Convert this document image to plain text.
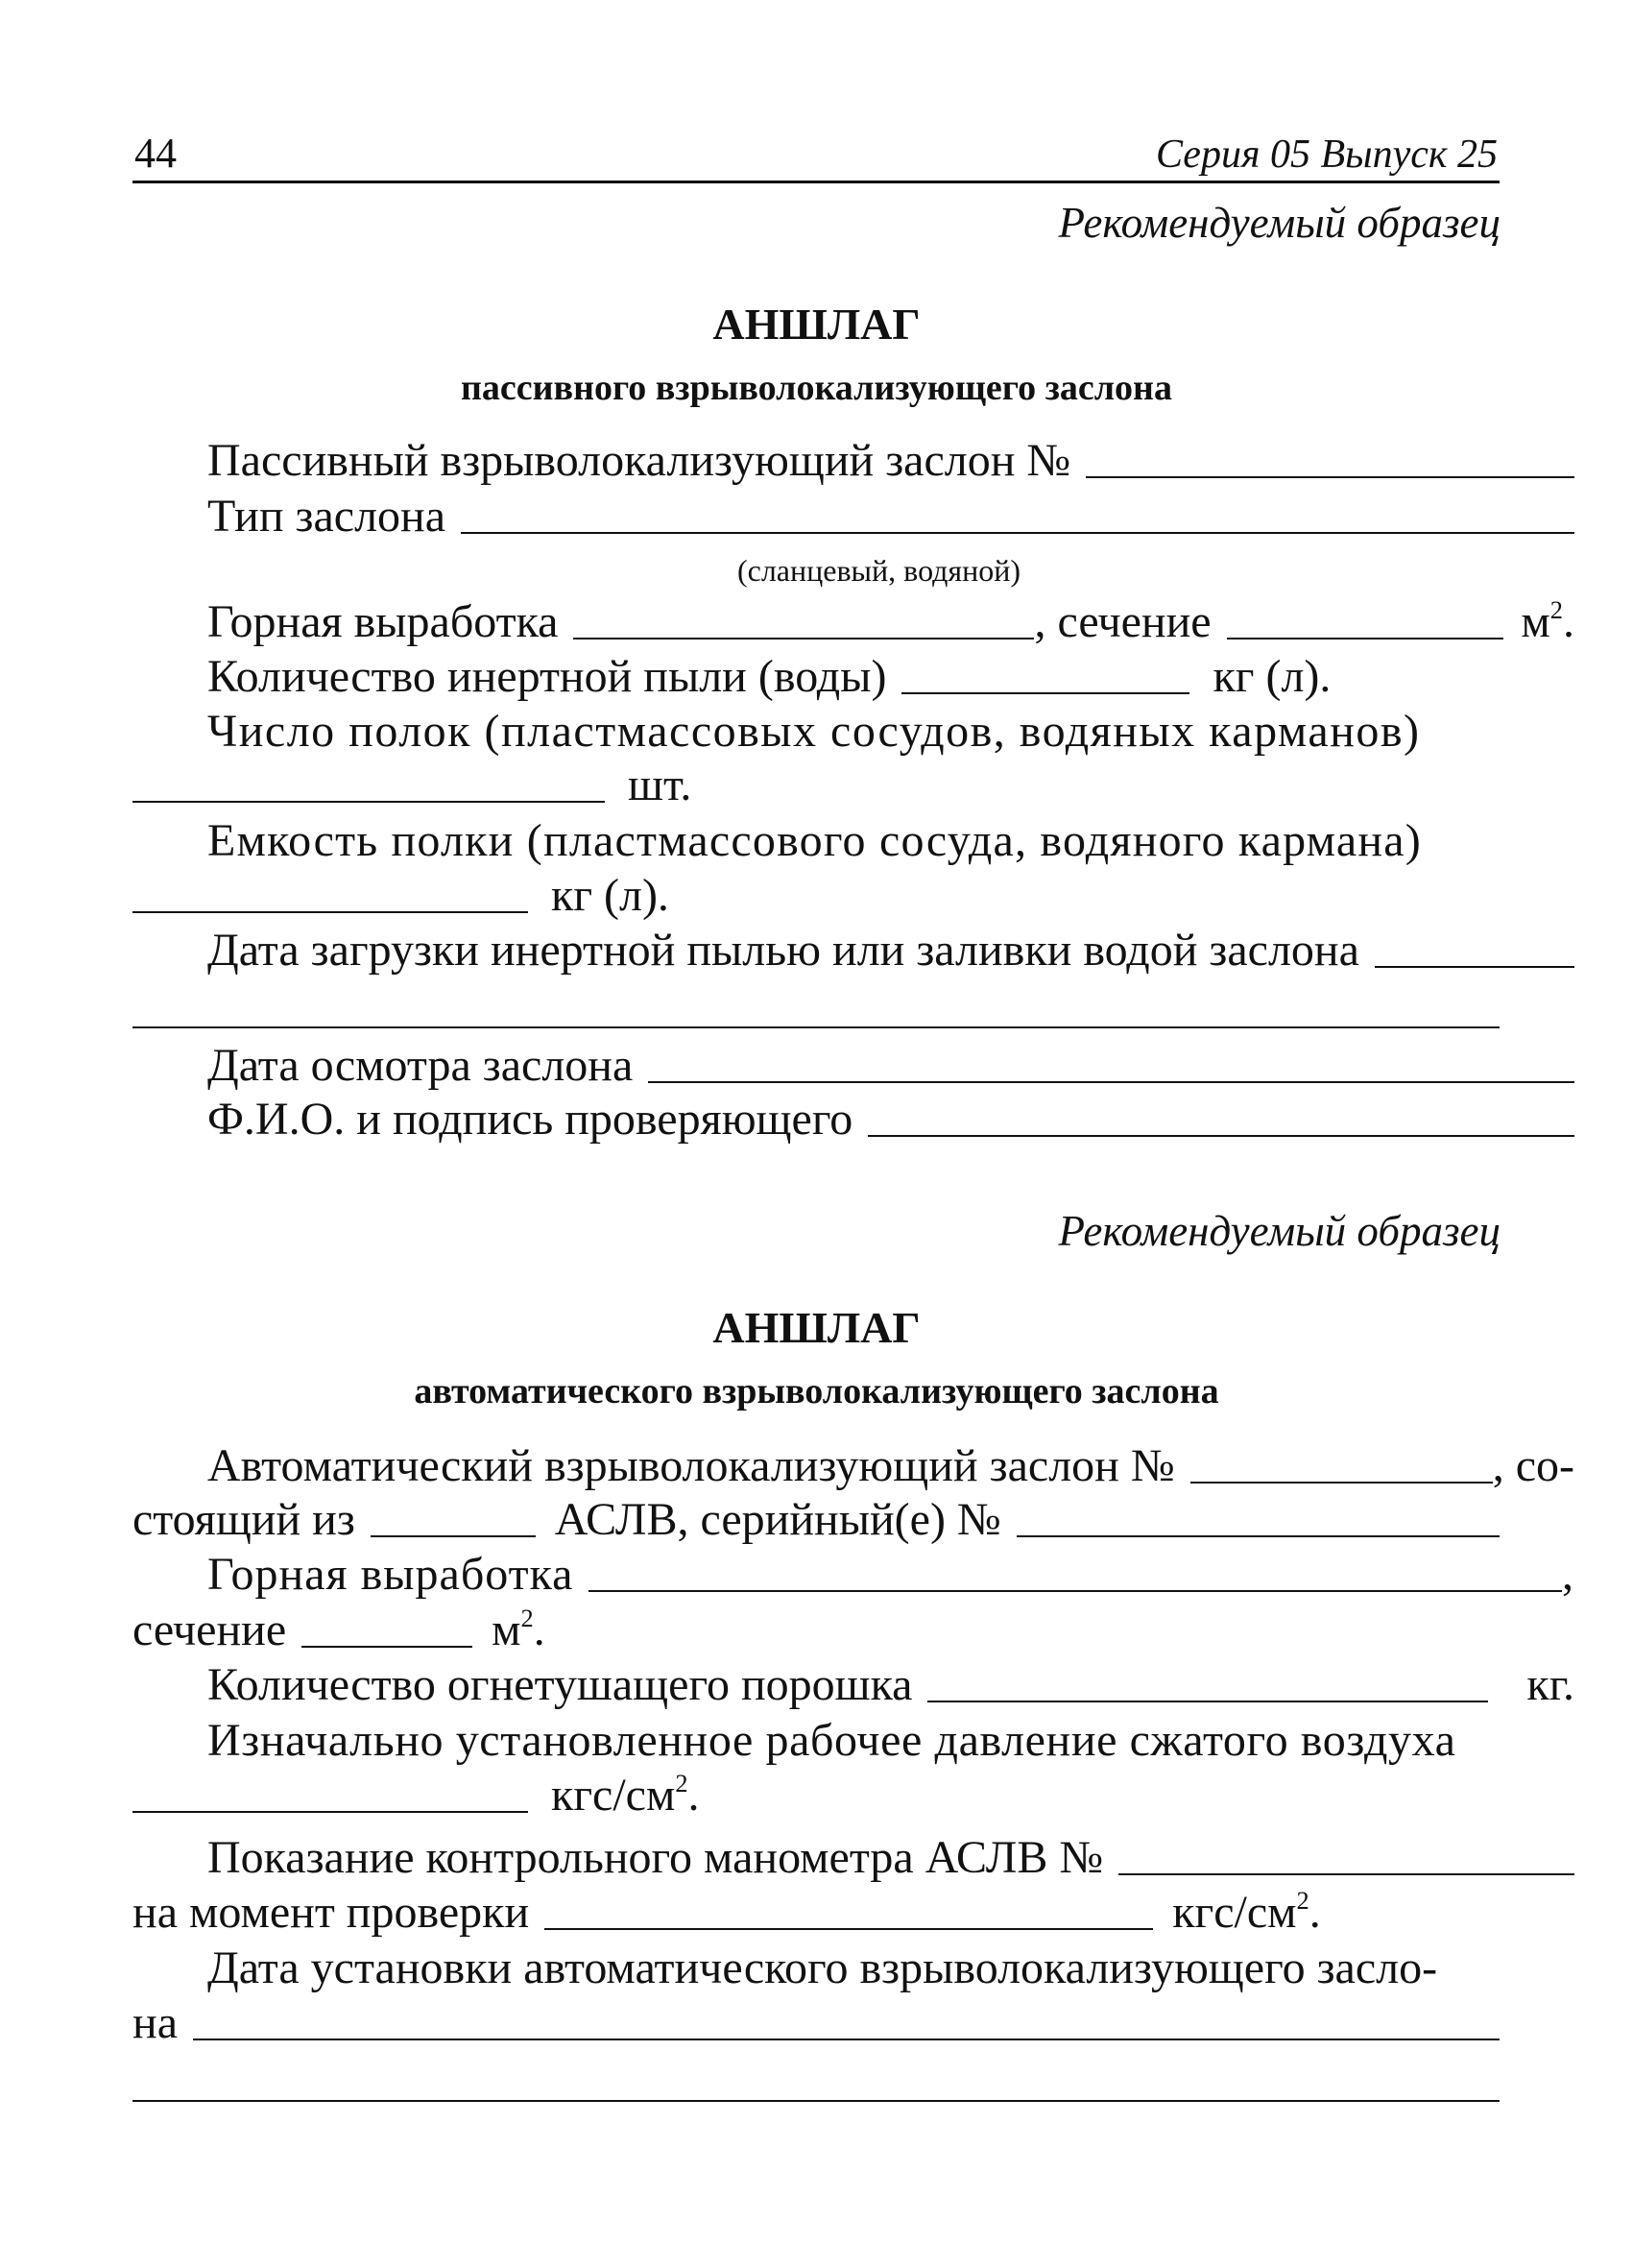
44	Серия 05 Выпуск 25
Рекомендуемый образец
АНШЛАГ
пассивного взрыволокализующего заслона
Пассивный взрыволокализующий заслон №
Тип заслона
(сланцевый, водяной)
Горная выработка	, сечение	$м^2$.
Количество инертной пыли (воды)	кг (л).
Число полок (пластмассовых сосудов, водяных карманов)
шт.
Емкость полки (пластмассового сосуда, водяного кармана)
кг (л).
Дата загрузки инертной пылью или заливки водой заслона
Дата осмотра заслона
Ф.И.О. и подпись проверяющего
Рекомендуемый образец
АНШЛАГ
автоматического взрыволокализующего заслона
Автоматический взрыволокализующий заслон №	, со-
стоящий из	АСЛВ, серийный(е) №
Горная выработка	,
сечение	$м^2$.
Количество огнетушащего порошка	кг.
Изначально установленное рабочее давление сжатого воздуха
кгс/$см^2$.
Показание контрольного манометра АСЛВ №
на момент проверки	кгс/$см^2$.
Дата установки автоматического взрыволокализующего засло-
на
